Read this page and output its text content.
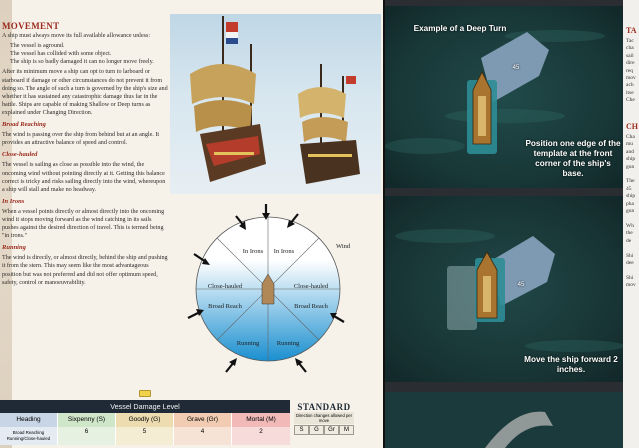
MOVEMENT
A ship must always move its full available allowance unless:
The vessel is aground.
The vessel has collided with some object.
The ship is so badly damaged it can no longer move freely.
After its minimum move a ship can opt to turn to larboard or starboard if damage or other circumstances do not prevent it from doing so. The angle of such a turn is governed by the ship's size and whether it has sustained any catastrophic damage thus far in the battle. Ships are capable of making Shallow or Deep turns as explained under Changing Direction.
Broad Reaching
The wind is passing over the ship from behind but at an angle. It provides an attractive balance of speed and control.
Close-hauled
The vessel is sailing as close as possible into the wind, the oncoming wind without pointing directly at it. Getting this balance correct is tricky and risks sailing directly into the wind, whereupon a ship will stall and make no headway.
In Irons
When a vessel points directly or almost directly into the oncoming wind it stops moving forward as the wind catching in its sails pushes against the desired direction of travel. This is termed being "in irons."
Running
The wind is directly, or almost directly, behind the ship and pushing it from the stern. This may seem like the most advantageous position but was not preferred and did not offer optimum speed, safety, control or manoeuvrability.
Wind
In Irons	In Irons
Close-hauled	Close-hauled
Broad Reach	Broad Reach
Running	Running
Vessel Damage Level
Heading	Sixpenny (S)	Goodly (G)	Grave (Gr)	Mortal (M)
Broad Reaching
Running/Close-hauled
6	5	4	2
STANDARD
Direction changes allowed per move
S	G	Gr	M
Example of a Deep Turn
45
Position one edge of the template at the front corner of the ship's base.
45
Move the ship forward 2 inches.
TA
Tac
cha
sail
dire
req
mov
ach
itse
Che
CH
Cha
mu
and
ship
gun

The
45
ship
pha
gun

Wh
the
de

Shi
dee

Shi
mov
